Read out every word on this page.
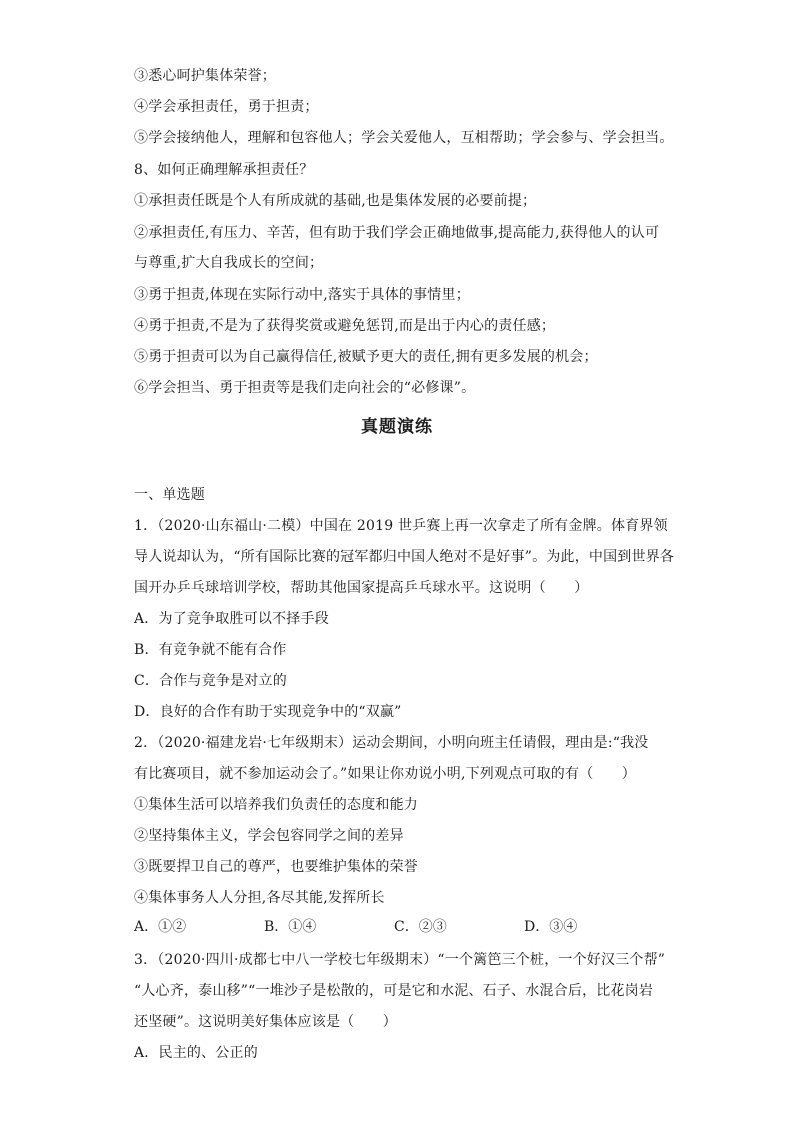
③悉心呵护集体荣誉；
④学会承担责任，勇于担责；
⑤学会接纳他人，理解和包容他人；学会关爱他人，互相帮助；学会参与、学会担当。
8、如何正确理解承担责任？
①承担责任既是个人有所成就的基础,也是集体发展的必要前提；
②承担责任,有压力、辛苦，但有助于我们学会正确地做事,提高能力,获得他人的认可
与尊重,扩大自我成长的空间；
③勇于担责,体现在实际行动中,落实于具体的事情里；
④勇于担责,不是为了获得奖赏或避免惩罚,而是出于内心的责任感；
⑤勇于担责可以为自己赢得信任,被赋予更大的责任,拥有更多发展的机会；
⑥学会担当、勇于担责等是我们走向社会的“必修课”。
真题演练
一、单选题
1．（2020·山东福山·二模）中国在 2019 世乒赛上再一次拿走了所有金牌。体育界领
导人说却认为，“所有国际比赛的冠军都归中国人绝对不是好事”。为此，中国到世界各
国开办乒乓球培训学校，帮助其他国家提高乒乓球水平。这说明（　　）
A．为了竞争取胜可以不择手段
B．有竞争就不能有合作
C．合作与竞争是对立的
D．良好的合作有助于实现竞争中的“双赢”
2．（2020·福建龙岩·七年级期末）运动会期间，小明向班主任请假，理由是:“我没
有比赛项目，就不参加运动会了。”如果让你劝说小明,下列观点可取的有（　　）
①集体生活可以培养我们负责任的态度和能力
②坚持集体主义，学会包容同学之间的差异
③既要捍卫自己的尊严，也要维护集体的荣誉
④集体事务人人分担,各尽其能,发挥所长
A．①②	B．①④	C．②③	D．③④
3．（2020·四川·成都七中八一学校七年级期末）“一个篱笆三个桩，一个好汉三个帮”
“人心齐，泰山移”“一堆沙子是松散的，可是它和水泥、石子、水混合后，比花岗岩
还坚硬”。这说明美好集体应该是（　　）
A．民主的、公正的
